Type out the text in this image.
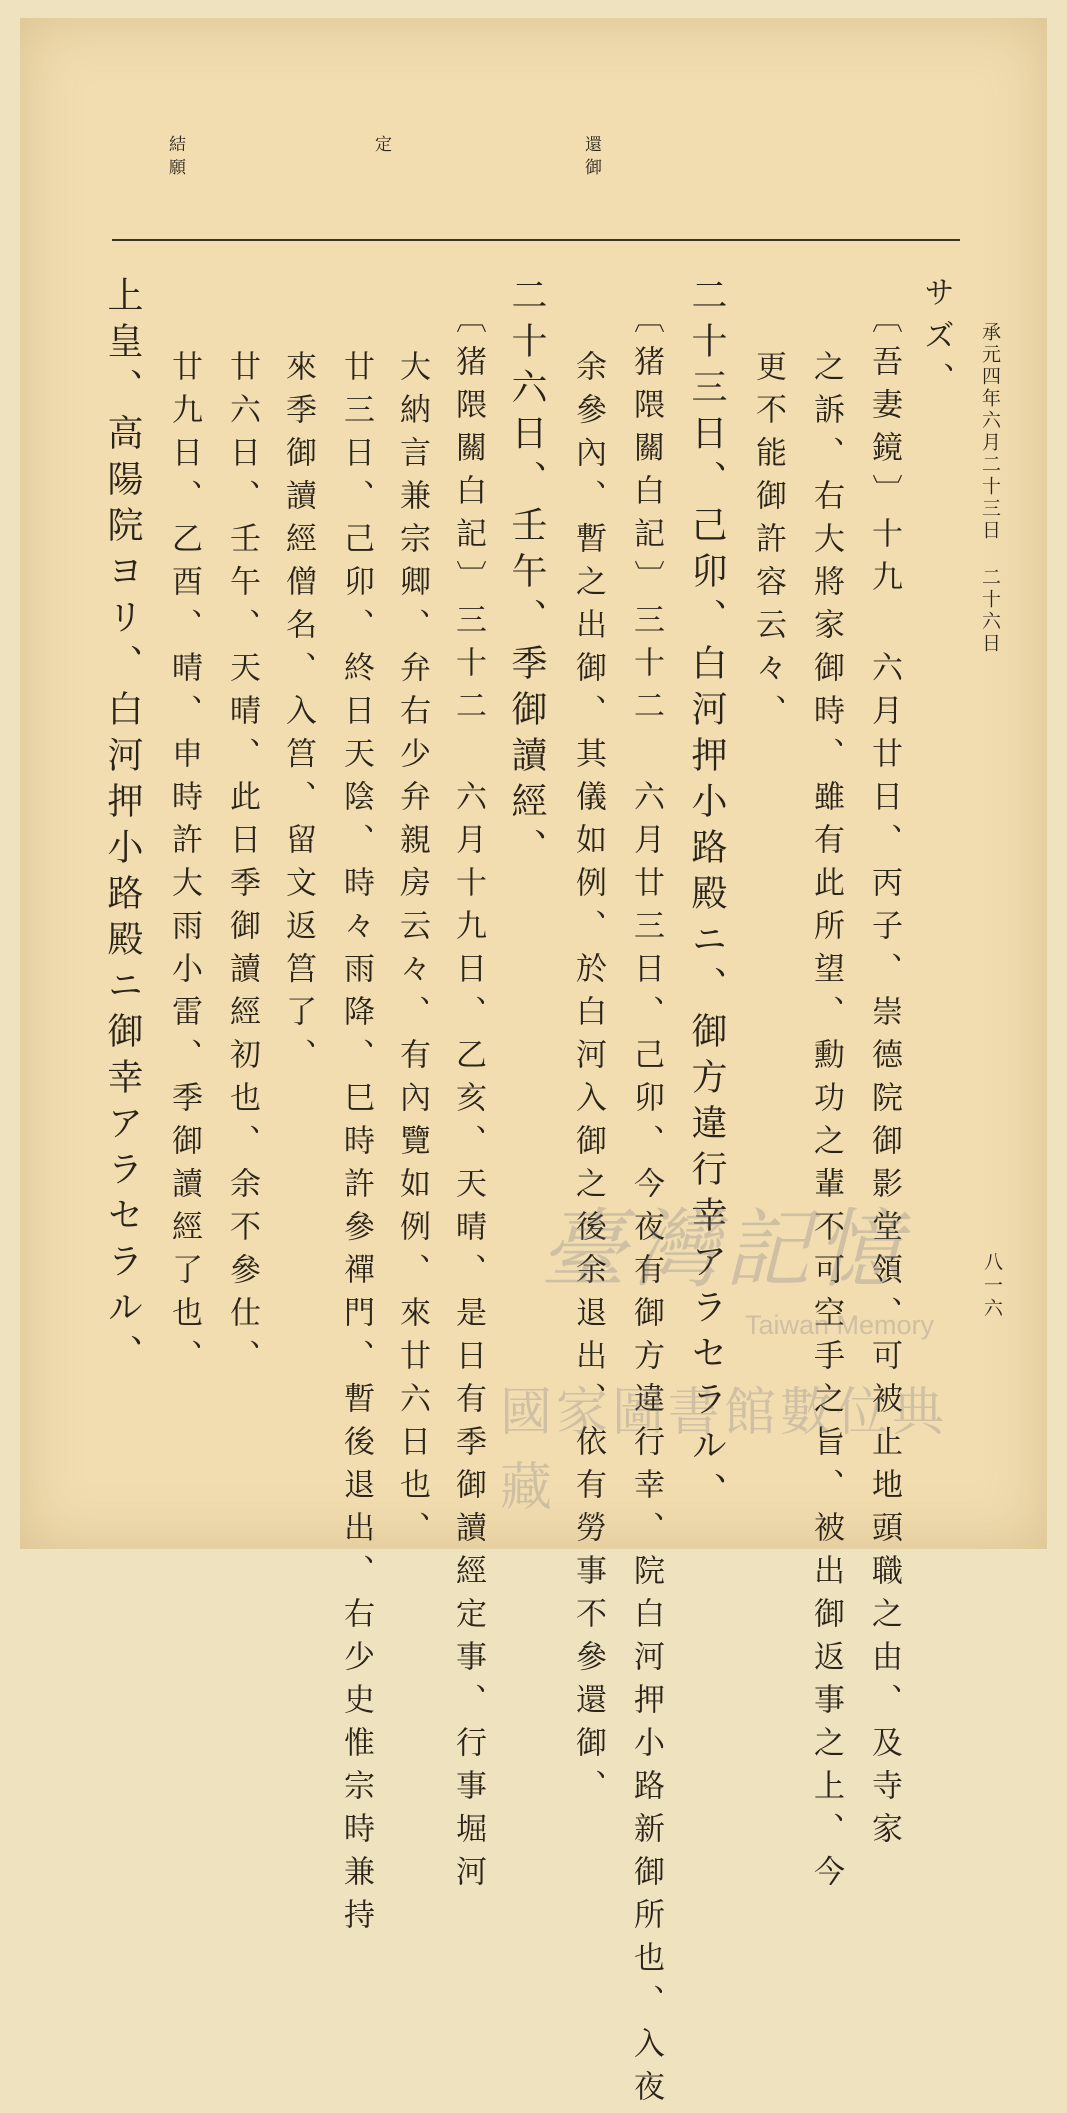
承元四年六月二十三日 二十六日
八一六
還御
定
結願
サズ、
〔吾妻鏡〕十九 六月廿日、丙子、崇德院御影堂領、可被止地頭職之由、及寺家
之訴、右大將家御時、雖有此所望、勳功之輩不可空手之旨、被出御返事之上、今
更不能御許容云々、
二十三日、己卯、白河押小路殿ニ、御方違行幸アラセラル、
〔猪隈關白記〕三十二 六月廿三日、己卯、今夜有御方違行幸、院白河押小路新御所也、入夜
余參內、暫之出御、其儀如例、於白河入御之後余退出、依有勞事不參還御、
二十六日、壬午、季御讀經、
〔猪隈關白記〕三十二 六月十九日、乙亥、天晴、是日有季御讀經定事、行事堀河
大納言兼宗卿、弁右少弁親房云々、有內覽如例、來廿六日也、
廿三日、己卯、終日天陰、時々雨降、巳時許參禪門、暫後退出、右少史惟宗時兼持
來季御讀經僧名、入筥、留文返筥了、
廿六日、壬午、天晴、此日季御讀經初也、余不參仕、
廿九日、乙酉、晴、申時許大雨小雷、季御讀經了也、
上皇、高陽院ヨリ、白河押小路殿ニ御幸アラセラル、	臺灣記憶
Taiwan Memory
國家圖書館數位典藏
